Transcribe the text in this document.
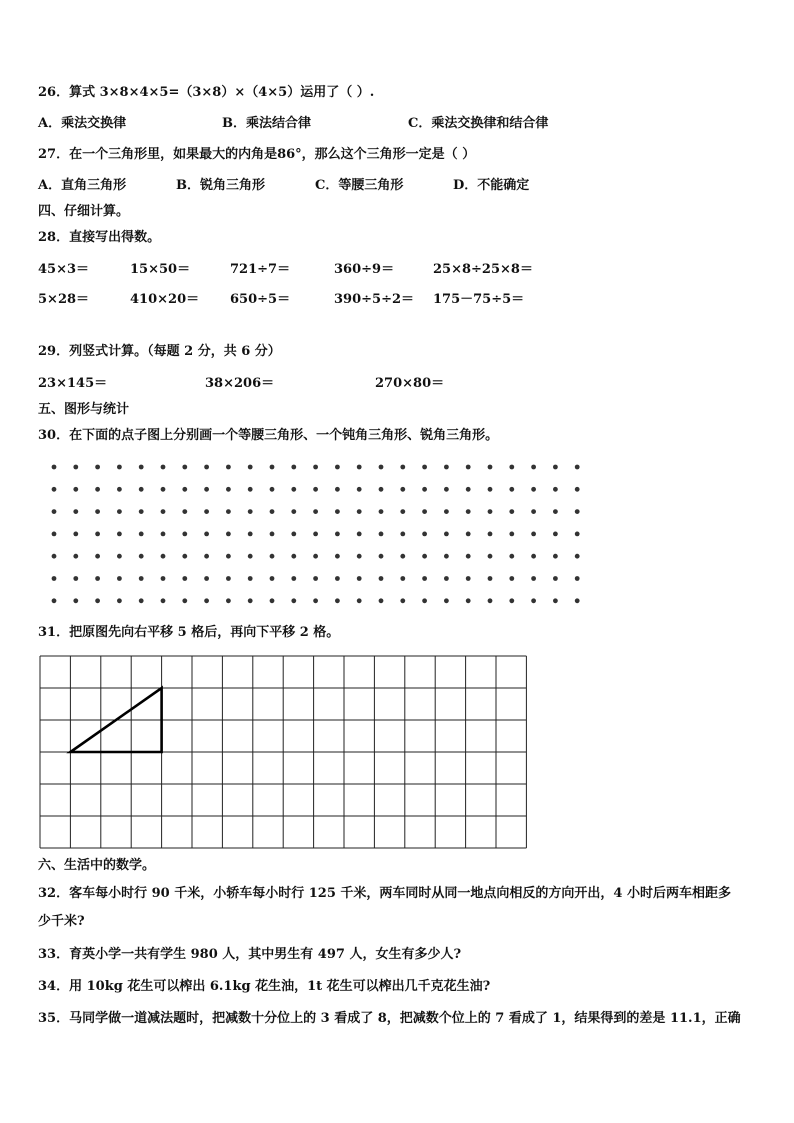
26．算式 3×8×4×5=（3×8）×（4×5）运用了（ ）.
A．乘法交换律	B．乘法结合律	C．乘法交换律和结合律
27．在一个三角形里，如果最大的内角是86°，那么这个三角形一定是（ ）
A．直角三角形	B．锐角三角形	C．等腰三角形	D．不能确定
四、仔细计算。
28．直接写出得数。
45×3＝	15×50＝	721÷7＝	360÷9＝	25×8÷25×8＝
5×28＝	410×20＝ 650÷5＝	390÷5÷2＝ 175－75÷5＝
29．列竖式计算。（每题 2 分，共 6 分）
23×145＝	38×206＝	270×80＝
五、图形与统计
30．在下面的点子图上分别画一个等腰三角形、一个钝角三角形、锐角三角形。
31．把原图先向右平移 5 格后，再向下平移 2 格。
六、生活中的数学。
32．客车每小时行 90 千米，小轿车每小时行 125 千米，两车同时从同一地点向相反的方向开出，4 小时后两车相距多
少千米?
33．育英小学一共有学生 980 人，其中男生有 497 人，女生有多少人?
34．用 10kg 花生可以榨出 6.1kg 花生油，1t 花生可以榨出几千克花生油?
35．马同学做一道减法题时，把减数十分位上的 3 看成了 8，把减数个位上的 7 看成了 1，结果得到的差是 11.1，正确
